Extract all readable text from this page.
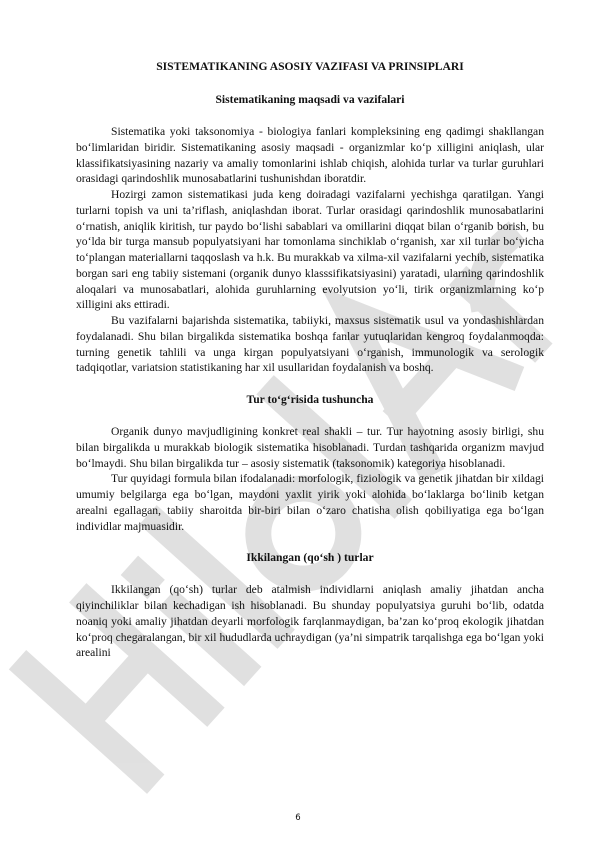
SISTEMATIKANING ASOSIY VAZIFASI VA PRINSIPLARI

Sistematikaning maqsadi va vazifalari

Sistematika yoki taksonomiya - biologiya fanlari kompleksining eng qadimgi shakllangan bo‘limlaridan biridir. Sistematikaning asosiy maqsadi - organizmlar ko‘p xilligini aniqlash, ular klassifikatsiyasining nazariy va amaliy tomonlarini ishlab chiqish, alohida turlar va turlar guruhlari orasidagi qarindoshlik munosabatlarini tushunishdan iboratdir.

Hozirgi zamon sistematikasi juda keng doiradagi vazifalarni yechishga qaratilgan. Yangi turlarni topish va uni ta’riflash, aniqlashdan iborat. Turlar orasidagi qarindoshlik munosabatlarini o‘rnatish, aniqlik kiritish, tur paydo bo‘lishi sabablari va omillarini diqqat bilan o‘rganib borish, bu yo‘lda bir turga mansub populyatsiyani har tomonlama sinchiklab o‘rganish, xar xil turlar bo‘yicha to‘plangan materiallarni taqqoslash va h.k. Bu murakkab va xilma-xil vazifalarni yechib, sistematika borgan sari eng tabiiy sistemani (organik dunyo klasssifikatsiyasini) yaratadi, ularning qarindoshlik aloqalari va munosabatlari, alohida guruhlarning evolyutsion yo‘li, tirik organizmlarning ko‘p xilligini aks ettiradi.

Bu vazifalarni bajarishda sistematika, tabiiyki, maxsus sistematik usul va yondashishlardan foydalanadi. Shu bilan birgalikda sistematika boshqa fanlar yutuqlaridan kengroq foydalanmoqda: turning genetik tahlili va unga kirgan populyatsiyani o‘rganish, immunologik va serologik tadqiqotlar, variatsion statistikaning har xil usullaridan foydalanish va boshq.

Tur to‘g‘risida tushuncha

Organik dunyo mavjudligining konkret real shakli – tur. Tur hayotning asosiy birligi, shu bilan birgalikda u murakkab biologik sistematika hisoblanadi. Turdan tashqarida organizm mavjud bo‘lmaydi. Shu bilan birgalikda tur – asosiy sistematik (taksonomik) kategoriya hisoblanadi.

Tur quyidagi formula bilan ifodalanadi: morfologik, fiziologik va genetik jihatdan bir xildagi umumiy belgilarga ega bo‘lgan, maydoni yaxlit yirik yoki alohida bo‘laklarga bo‘linib ketgan arealni egallagan, tabiiy sharoitda bir-biri bilan o‘zaro chatisha olish qobiliyatiga ega bo‘lgan individlar majmuasidir.

Ikkilangan (qo‘sh ) turlar

Ikkilangan (qo‘sh) turlar deb atalmish individlarni aniqlash amaliy jihatdan ancha qiyinchiliklar bilan kechadigan ish hisoblanadi. Bu shunday populyatsiya guruhi bo‘lib, odatda noaniq yoki amaliy jihatdan deyarli morfologik farqlanmaydigan, ba’zan ko‘proq ekologik jihatdan ko‘proq chegaralangan, bir xil hududlarda uchraydigan (ya’ni simpatrik tarqalishga ega bo‘lgan yoki arealini

6
